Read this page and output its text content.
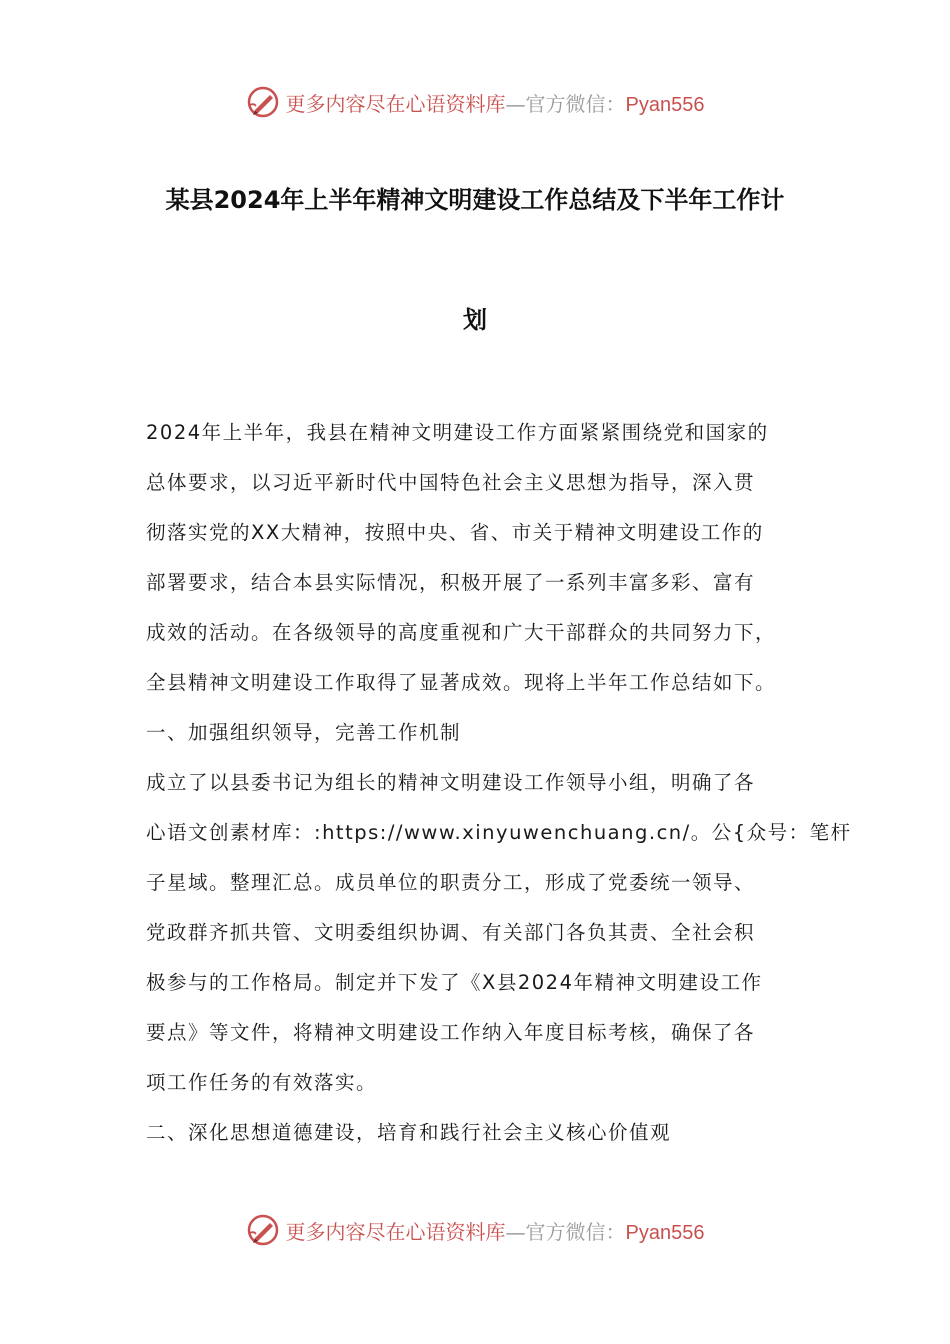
更多内容尽在心语资料库—官方微信：Pyan556
某县2024年上半年精神文明建设工作总结及下半年工作计
划
2024年上半年，我县在精神文明建设工作方面紧紧围绕党和国家的
总体要求，以习近平新时代中国特色社会主义思想为指导，深入贯
彻落实党的XX大精神，按照中央、省、市关于精神文明建设工作的
部署要求，结合本县实际情况，积极开展了一系列丰富多彩、富有
成效的活动。在各级领导的高度重视和广大干部群众的共同努力下，
全县精神文明建设工作取得了显著成效。现将上半年工作总结如下。
一、加强组织领导，完善工作机制
成立了以县委书记为组长的精神文明建设工作领导小组，明确了各
心语文创素材库：:https://www.xinyuwenchuang.cn/。公{众号：笔杆
子星域。整理汇总。成员单位的职责分工，形成了党委统一领导、
党政群齐抓共管、文明委组织协调、有关部门各负其责、全社会积
极参与的工作格局。制定并下发了《X县2024年精神文明建设工作
要点》等文件，将精神文明建设工作纳入年度目标考核，确保了各
项工作任务的有效落实。
二、深化思想道德建设，培育和践行社会主义核心价值观
更多内容尽在心语资料库—官方微信：Pyan556
